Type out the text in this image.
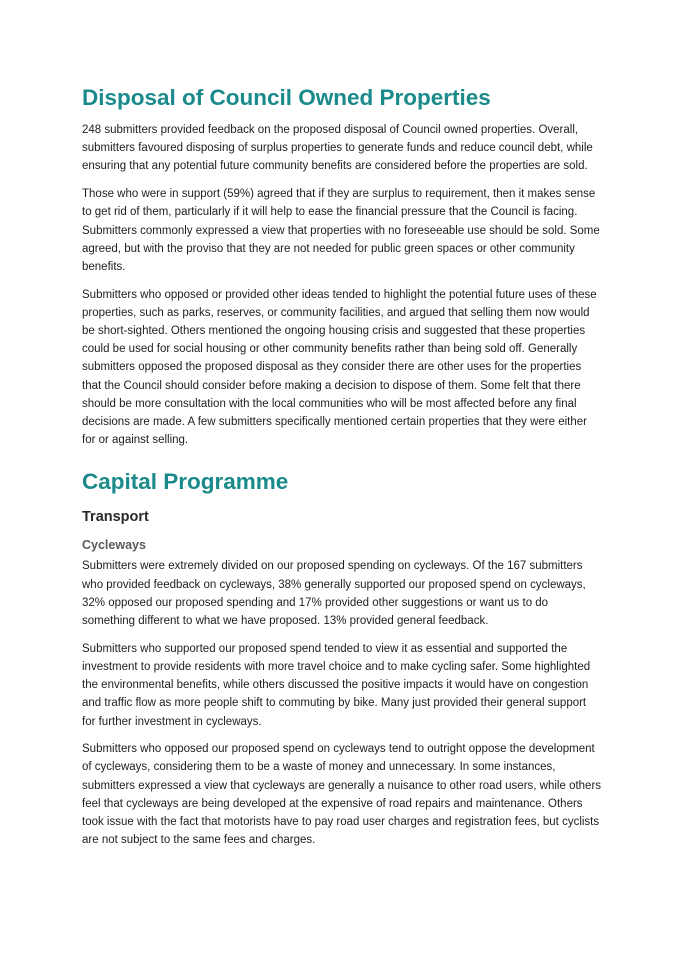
Disposal of Council Owned Properties

248 submitters provided feedback on the proposed disposal of Council owned properties. Overall, submitters favoured disposing of surplus properties to generate funds and reduce council debt, while ensuring that any potential future community benefits are considered before the properties are sold.

Those who were in support (59%) agreed that if they are surplus to requirement, then it makes sense to get rid of them, particularly if it will help to ease the financial pressure that the Council is facing. Submitters commonly expressed a view that properties with no foreseeable use should be sold. Some agreed, but with the proviso that they are not needed for public green spaces or other community benefits.

Submitters who opposed or provided other ideas tended to highlight the potential future uses of these properties, such as parks, reserves, or community facilities, and argued that selling them now would be short-sighted. Others mentioned the ongoing housing crisis and suggested that these properties could be used for social housing or other community benefits rather than being sold off. Generally submitters opposed the proposed disposal as they consider there are other uses for the properties that the Council should consider before making a decision to dispose of them. Some felt that there should be more consultation with the local communities who will be most affected before any final decisions are made. A few submitters specifically mentioned certain properties that they were either for or against selling.

Capital Programme
Transport
Cycleways

Submitters were extremely divided on our proposed spending on cycleways. Of the 167 submitters who provided feedback on cycleways, 38% generally supported our proposed spend on cycleways, 32% opposed our proposed spending and 17% provided other suggestions or want us to do something different to what we have proposed. 13% provided general feedback.

Submitters who supported our proposed spend tended to view it as essential and supported the investment to provide residents with more travel choice and to make cycling safer. Some highlighted the environmental benefits, while others discussed the positive impacts it would have on congestion and traffic flow as more people shift to commuting by bike. Many just provided their general support for further investment in cycleways.

Submitters who opposed our proposed spend on cycleways tend to outright oppose the development of cycleways, considering them to be a waste of money and unnecessary. In some instances, submitters expressed a view that cycleways are generally a nuisance to other road users, while others feel that cycleways are being developed at the expensive of road repairs and maintenance. Others took issue with the fact that motorists have to pay road user charges and registration fees, but cyclists are not subject to the same fees and charges.
